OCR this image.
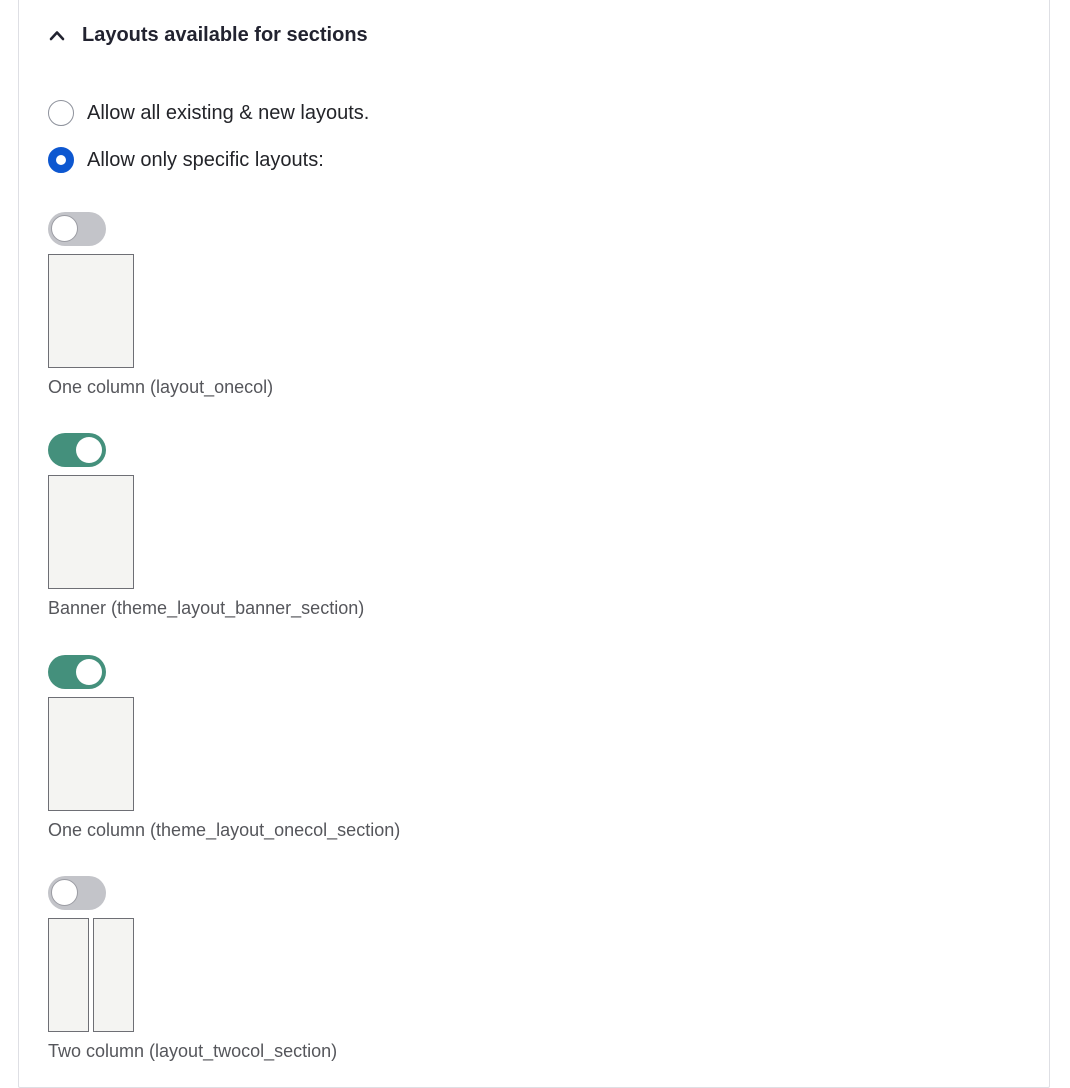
Layouts available for sections
Allow all existing & new layouts.
Allow only specific layouts:
One column (layout_onecol)
Banner (theme_layout_banner_section)
One column (theme_layout_onecol_section)
Two column (layout_twocol_section)
